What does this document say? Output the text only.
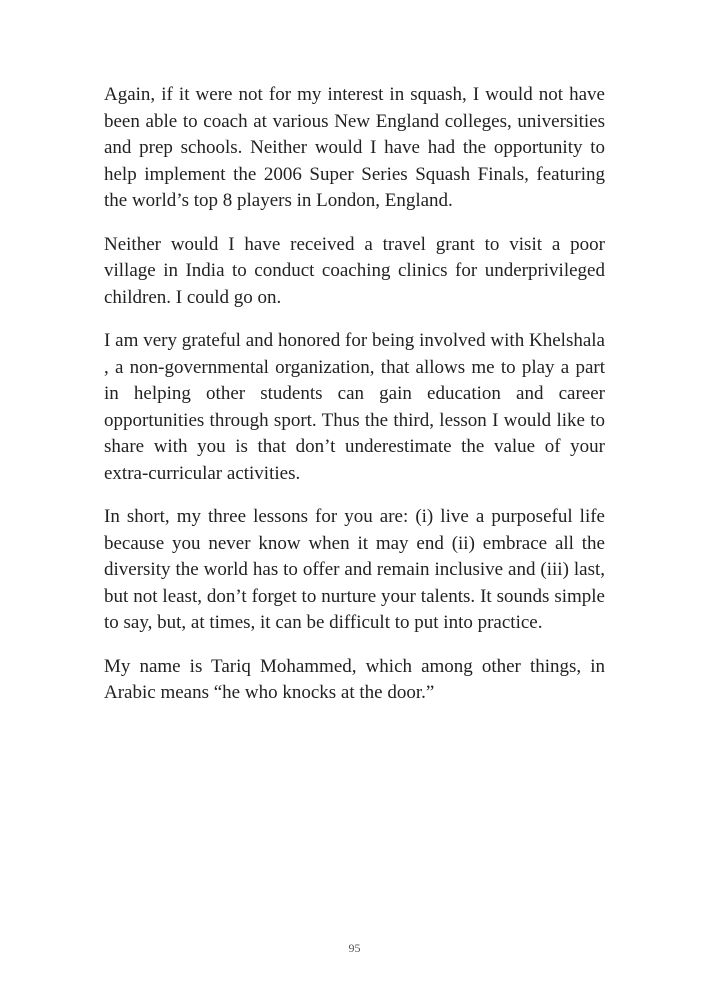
Again, if it were not for my interest in squash, I would not have been able to coach at various New England colleges, universities and prep schools. Neither would I have had the opportunity to help implement the 2006 Super Series Squash Finals, featuring the world’s top 8 players in London, England.

Neither would I have received a travel grant to visit a poor village in India to conduct coaching clinics for underprivileged children. I could go on.

I am very grateful and honored for being involved with Khelshala , a non-governmental organization, that allows me to play a part in helping other students can gain education and career opportunities through sport. Thus the third, lesson I would like to share with you is that don’t underestimate the value of your extra-curricular activities.

In short, my three lessons for you are: (i) live a purposeful life because you never know when it may end (ii) embrace all the diversity the world has to offer and remain inclusive and (iii) last, but not least, don’t forget to nurture your talents. It sounds simple to say, but, at times, it can be difficult to put into practice.

My name is Tariq Mohammed, which among other things, in Arabic means “he who knocks at the door.”

95
